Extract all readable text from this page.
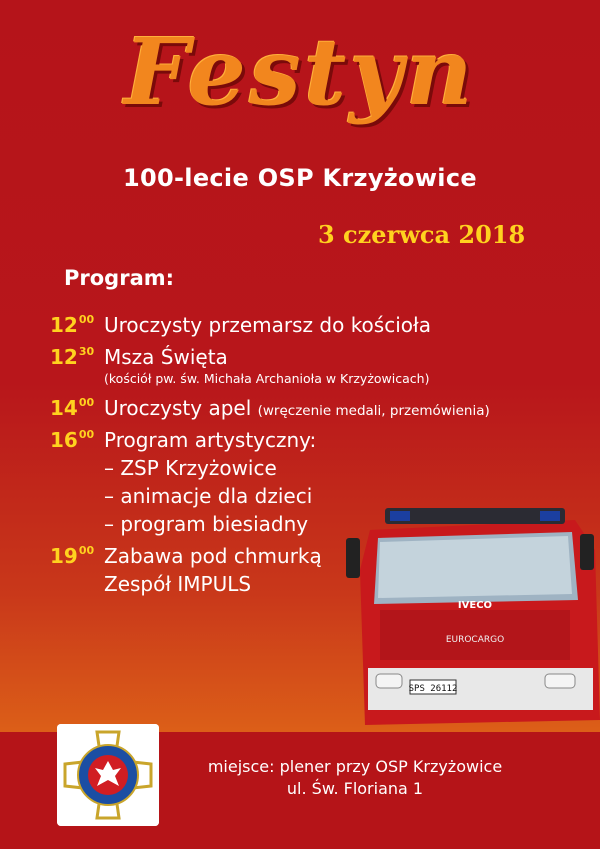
Festyn
100-lecie OSP Krzyżowice
3 czerwca 2018
Program:
$12^{00}$ Uroczysty przemarsz do kościoła
$12^{30}$ Msza Święta
(kościół pw. św. Michała Archanioła w Krzyżowicach)
$14^{00}$ Uroczysty apel (wręczenie medali, przemówienia)
$16^{00}$ Program artystyczny:
– ZSP Krzyżowice
– animacje dla dzieci
– program biesiadny
$19^{00}$ Zabawa pod chmurką
Zespół IMPULS
IVECO
EUROCARGO
SPS 26112
miejsce: plener przy OSP Krzyżowice
ul. Św. Floriana 1
